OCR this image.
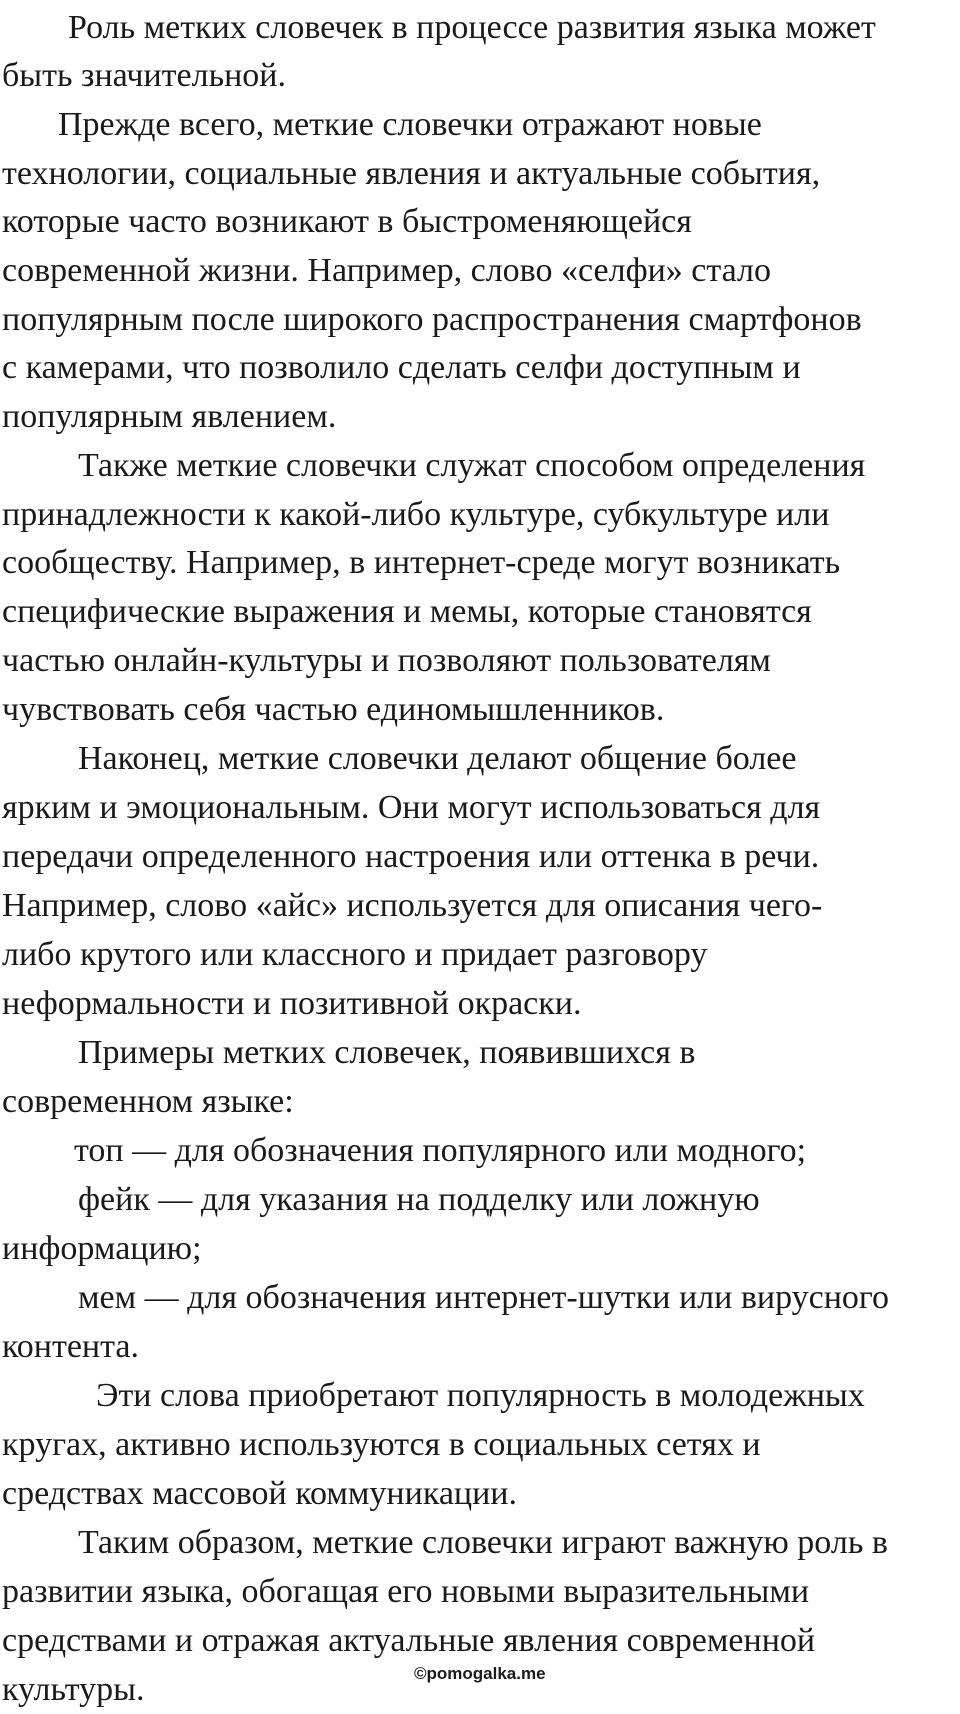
Роль метких словечек в процессе развития языка может
быть значительной.
Прежде всего, меткие словечки отражают новые
технологии, социальные явления и актуальные события,
которые часто возникают в быстроменяющейся
современной жизни. Например, слово «селфи» стало
популярным после широкого распространения смартфонов
с камерами, что позволило сделать селфи доступным и
популярным явлением.
Также меткие словечки служат способом определения
принадлежности к какой-либо культуре, субкультуре или
сообществу. Например, в интернет-среде могут возникать
специфические выражения и мемы, которые становятся
частью онлайн-культуры и позволяют пользователям
чувствовать себя частью единомышленников.
Наконец, меткие словечки делают общение более
ярким и эмоциональным. Они могут использоваться для
передачи определенного настроения или оттенка в речи.
Например, слово «айс» используется для описания чего-
либо крутого или классного и придает разговору
неформальности и позитивной окраски.
Примеры метких словечек, появившихся в
современном языке:
топ — для обозначения популярного или модного;
фейк — для указания на подделку или ложную
информацию;
мем — для обозначения интернет-шутки или вирусного
контента.
Эти слова приобретают популярность в молодежных
кругах, активно используются в социальных сетях и
средствах массовой коммуникации.
Таким образом, меткие словечки играют важную роль в
развитии языка, обогащая его новыми выразительными
средствами и отражая актуальные явления современной
культуры.	©pomogalka.me
